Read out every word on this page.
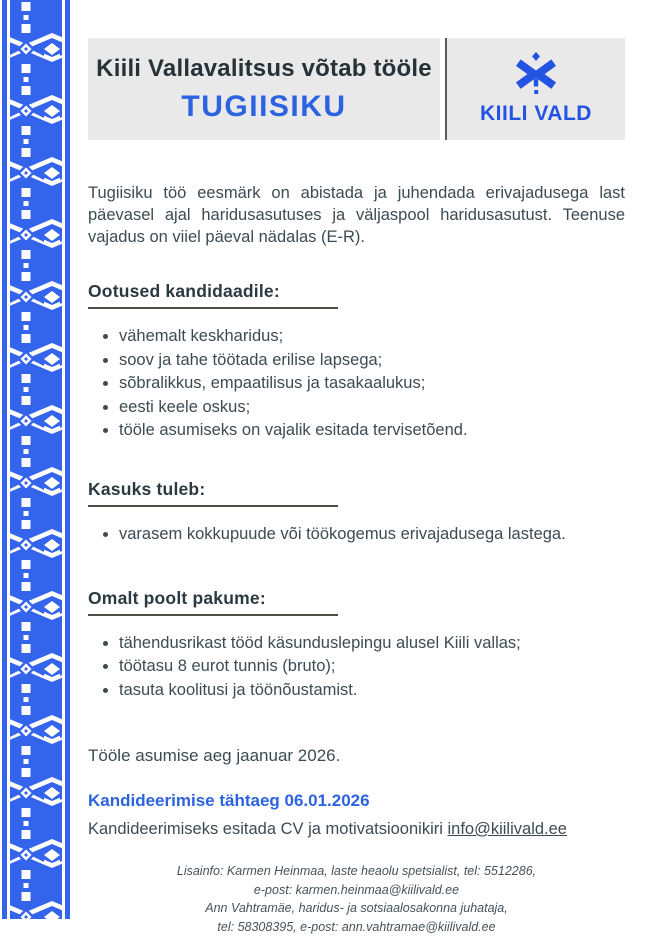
Kiili Vallavalitsus võtab tööle
TUGIISIKU	KIILI VALD

Tugiisiku töö eesmärk on abistada ja juhendada erivajadusega last päevasel ajal haridusasutuses ja väljaspool haridusasutust. Teenuse vajadus on viiel päeval nädalas (E-R).

Ootused kandidaadile:
• vähemalt keskharidus;
• soov ja tahe töötada erilise lapsega;
• sõbralikkus, empaatilisus ja tasakaalukus;
• eesti keele oskus;
• tööle asumiseks on vajalik esitada tervisetõend.
Kasuks tuleb:
• varasem kokkupuude või töökogemus erivajadusega lastega.
Omalt poolt pakume:
• tähendusrikast tööd käsunduslepingu alusel Kiili vallas;
• töötasu 8 eurot tunnis (bruto);
• tasuta koolitusi ja töönõustamist.

Tööle asumise aeg jaanuar 2026.

Kandideerimise tähtaeg 06.01.2026

Kandideerimiseks esitada CV ja motivatsioonikiri info@kiilivald.ee

Lisainfo: Karmen Heinmaa, laste heaolu spetsialist, tel: 5512286,
e-post: karmen.heinmaa@kiilivald.ee
Ann Vahtramäe, haridus- ja sotsiaalosakonna juhataja,
tel: 58308395, e-post: ann.vahtramae@kiilivald.ee
